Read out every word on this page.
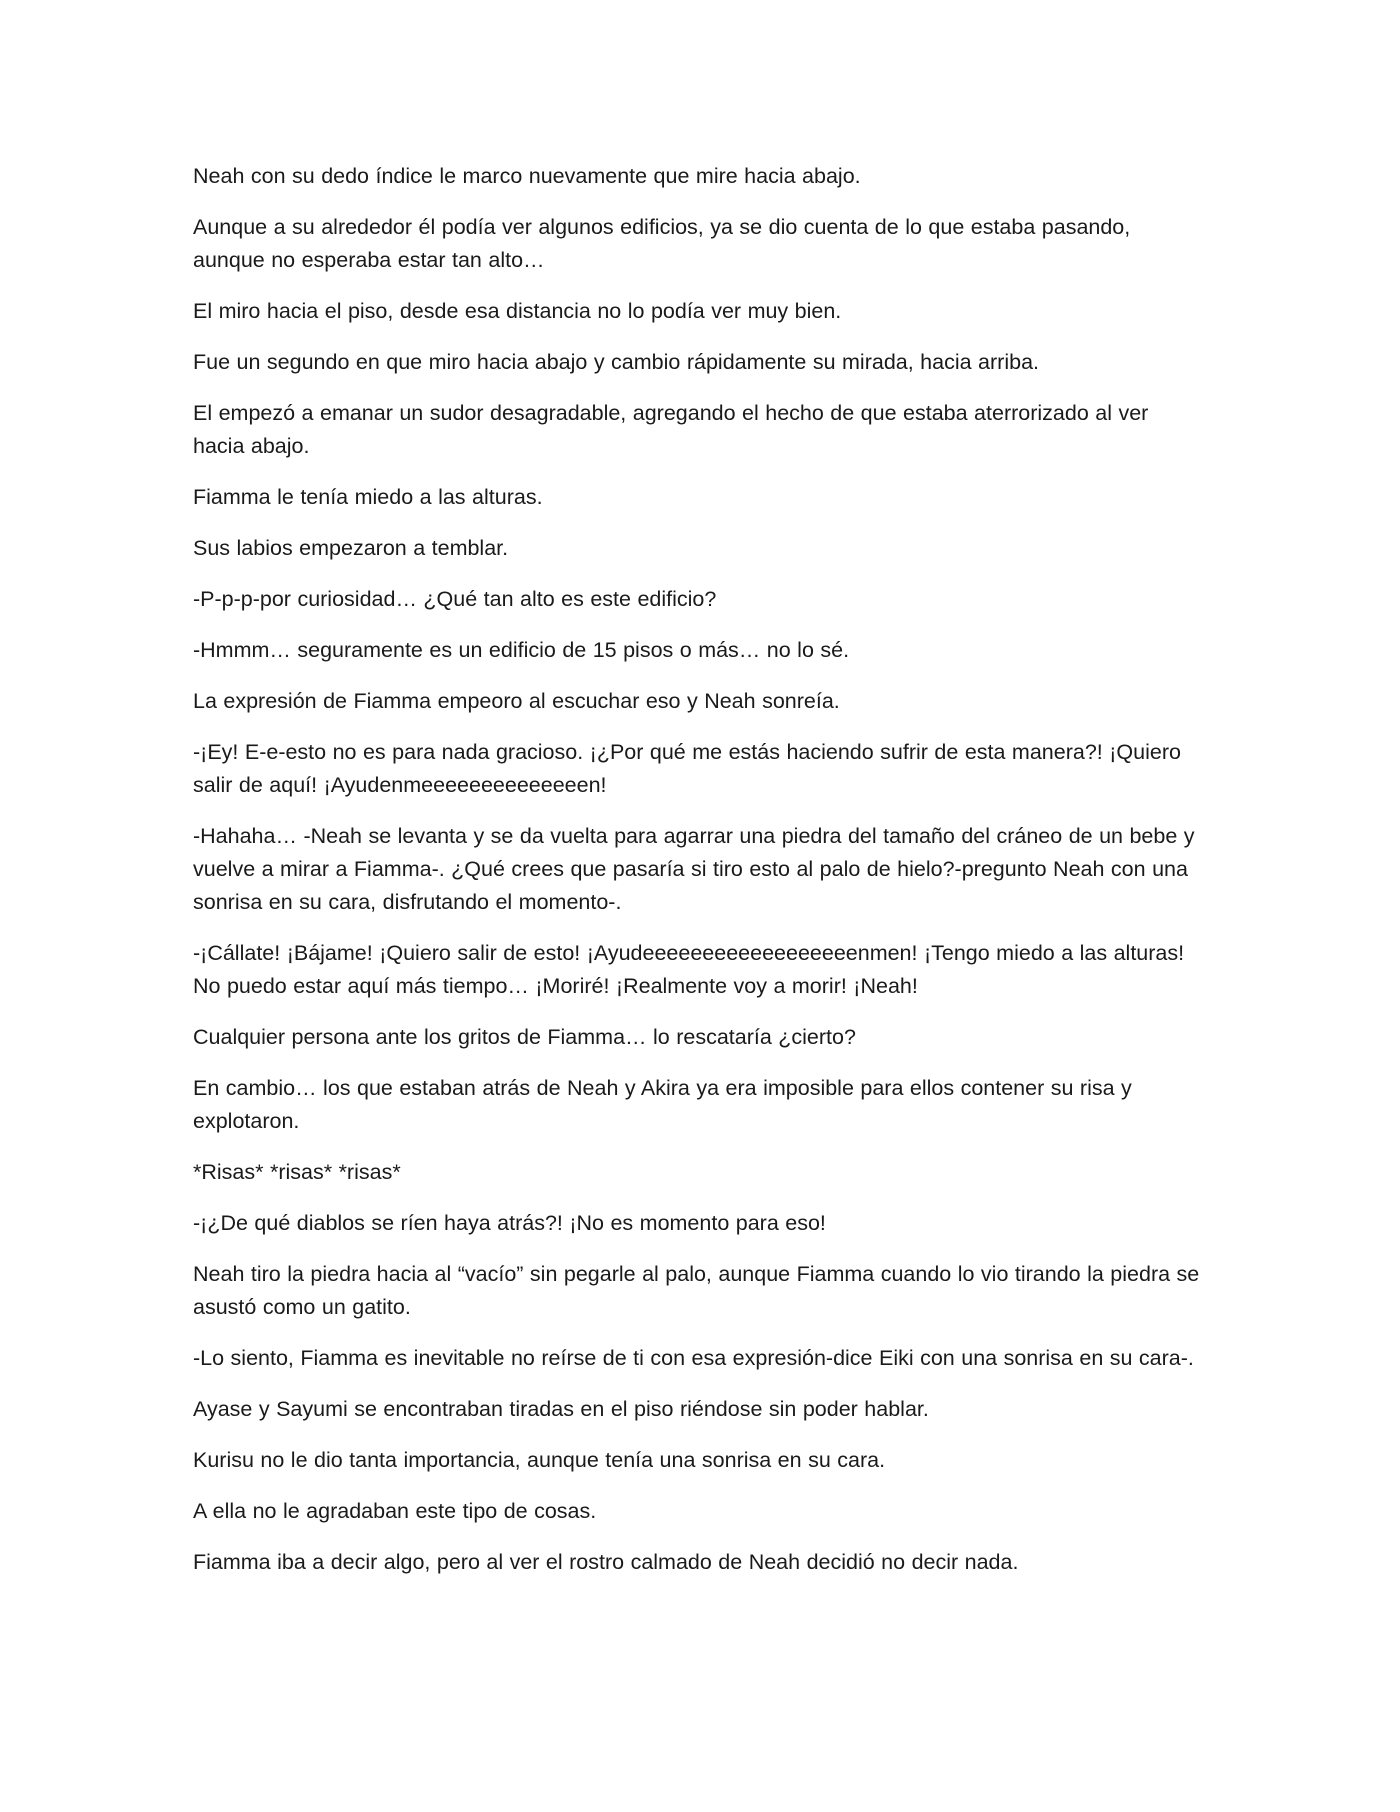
Neah con su dedo índice le marco nuevamente que mire hacia abajo.

Aunque a su alrededor él podía ver algunos edificios, ya se dio cuenta de lo que estaba pasando, aunque no esperaba estar tan alto…

El miro hacia el piso, desde esa distancia no lo podía ver muy bien.

Fue un segundo en que miro hacia abajo y cambio rápidamente su mirada, hacia arriba.

El empezó a emanar un sudor desagradable, agregando el hecho de que estaba aterrorizado al ver hacia abajo.

Fiamma le tenía miedo a las alturas.

Sus labios empezaron a temblar.

-P-p-p-por curiosidad… ¿Qué tan alto es este edificio?

-Hmmm… seguramente es un edificio de 15 pisos o más… no lo sé.

La expresión de Fiamma empeoro al escuchar eso y Neah sonreía.

-¡Ey! E-e-esto no es para nada gracioso. ¡¿Por qué me estás haciendo sufrir de esta manera?! ¡Quiero salir de aquí! ¡Ayudenmeeeeeeeeeeeeeen!

-Hahaha… -Neah se levanta y se da vuelta para agarrar una piedra del tamaño del cráneo de un bebe y vuelve a mirar a Fiamma-. ¿Qué crees que pasaría si tiro esto al palo de hielo?-pregunto Neah con una sonrisa en su cara, disfrutando el momento-.

-¡Cállate! ¡Bájame! ¡Quiero salir de esto! ¡Ayudeeeeeeeeeeeeeeeeeenmen! ¡Tengo miedo a las alturas! No puedo estar aquí más tiempo… ¡Moriré! ¡Realmente voy a morir! ¡Neah!

Cualquier persona ante los gritos de Fiamma… lo rescataría ¿cierto?

En cambio… los que estaban atrás de Neah y Akira ya era imposible para ellos contener su risa y explotaron.

*Risas* *risas* *risas*

-¡¿De qué diablos se ríen haya atrás?! ¡No es momento para eso!

Neah tiro la piedra hacia al “vacío” sin pegarle al palo, aunque Fiamma cuando lo vio tirando la piedra se asustó como un gatito.

-Lo siento, Fiamma es inevitable no reírse de ti con esa expresión-dice Eiki con una sonrisa en su cara-.

Ayase y Sayumi se encontraban tiradas en el piso riéndose sin poder hablar.

Kurisu no le dio tanta importancia, aunque tenía una sonrisa en su cara.

A ella no le agradaban este tipo de cosas.

Fiamma iba a decir algo, pero al ver el rostro calmado de Neah decidió no decir nada.
